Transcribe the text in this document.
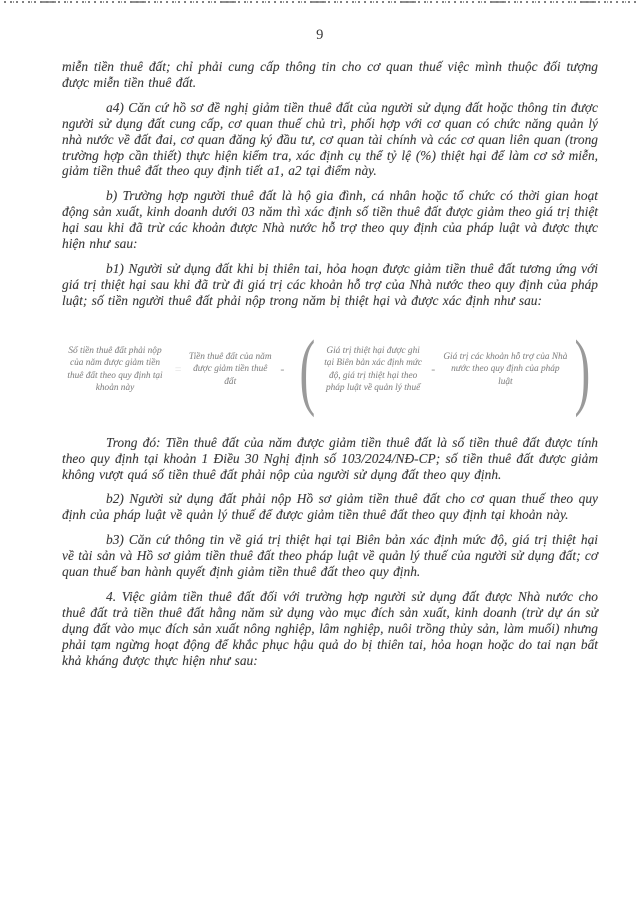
9

miễn tiền thuê đất; chỉ phải cung cấp thông tin cho cơ quan thuế việc mình thuộc đối tượng được miễn tiền thuê đất.

a4) Căn cứ hồ sơ đề nghị giảm tiền thuê đất của người sử dụng đất hoặc thông tin được người sử dụng đất cung cấp, cơ quan thuế chủ trì, phối hợp với cơ quan có chức năng quản lý nhà nước về đất đai, cơ quan đăng ký đầu tư, cơ quan tài chính và các cơ quan liên quan (trong trường hợp cần thiết) thực hiện kiểm tra, xác định cụ thể tỷ lệ (%) thiệt hại để làm cơ sở miễn, giảm tiền thuê đất theo quy định tiết a1, a2 tại điểm này.

b) Trường hợp người thuê đất là hộ gia đình, cá nhân hoặc tổ chức có thời gian hoạt động sản xuất, kinh doanh dưới 03 năm thì xác định số tiền thuê đất được giảm theo giá trị thiệt hại sau khi đã trừ các khoản được Nhà nước hỗ trợ theo quy định của pháp luật và được thực hiện như sau:

b1) Người sử dụng đất khi bị thiên tai, hỏa hoạn được giảm tiền thuê đất tương ứng với giá trị thiệt hại sau khi đã trừ đi giá trị các khoản hỗ trợ của Nhà nước theo quy định của pháp luật; số tiền người thuê đất phải nộp trong năm bị thiệt hại và được xác định như sau:

Số tiền thuê đất phải nộp của năm được giảm tiền thuê đất theo quy định tại khoản này
=
Tiền thuê đất của năm được giảm tiền thuê đất
- (	Giá trị thiệt hại được ghi tại Biên bản xác định mức độ, giá trị thiệt hại theo pháp luật về quản lý thuế
-
Giá trị các khoản hỗ trợ của Nhà nước theo quy định của pháp luật )

Trong đó: Tiền thuê đất của năm được giảm tiền thuê đất là số tiền thuê đất được tính theo quy định tại khoản 1 Điều 30 Nghị định số 103/2024/NĐ-CP; số tiền thuê đất được giảm không vượt quá số tiền thuê đất phải nộp của người sử dụng đất theo quy định.

b2) Người sử dụng đất phải nộp Hồ sơ giảm tiền thuê đất cho cơ quan thuế theo quy định của pháp luật về quản lý thuế để được giảm tiền thuê đất theo quy định tại khoản này.

b3) Căn cứ thông tin về giá trị thiệt hại tại Biên bản xác định mức độ, giá trị thiệt hại về tài sản và Hồ sơ giảm tiền thuê đất theo pháp luật về quản lý thuế của người sử dụng đất; cơ quan thuế ban hành quyết định giảm tiền thuê đất theo quy định.

4. Việc giảm tiền thuê đất đối với trường hợp người sử dụng đất được Nhà nước cho thuê đất trả tiền thuê đất hằng năm sử dụng vào mục đích sản xuất, kinh doanh (trừ dự án sử dụng đất vào mục đích sản xuất nông nghiệp, lâm nghiệp, nuôi trồng thủy sản, làm muối) nhưng phải tạm ngừng hoạt động để khắc phục hậu quả do bị thiên tai, hỏa hoạn hoặc do tai nạn bất khả kháng được thực hiện như sau:
